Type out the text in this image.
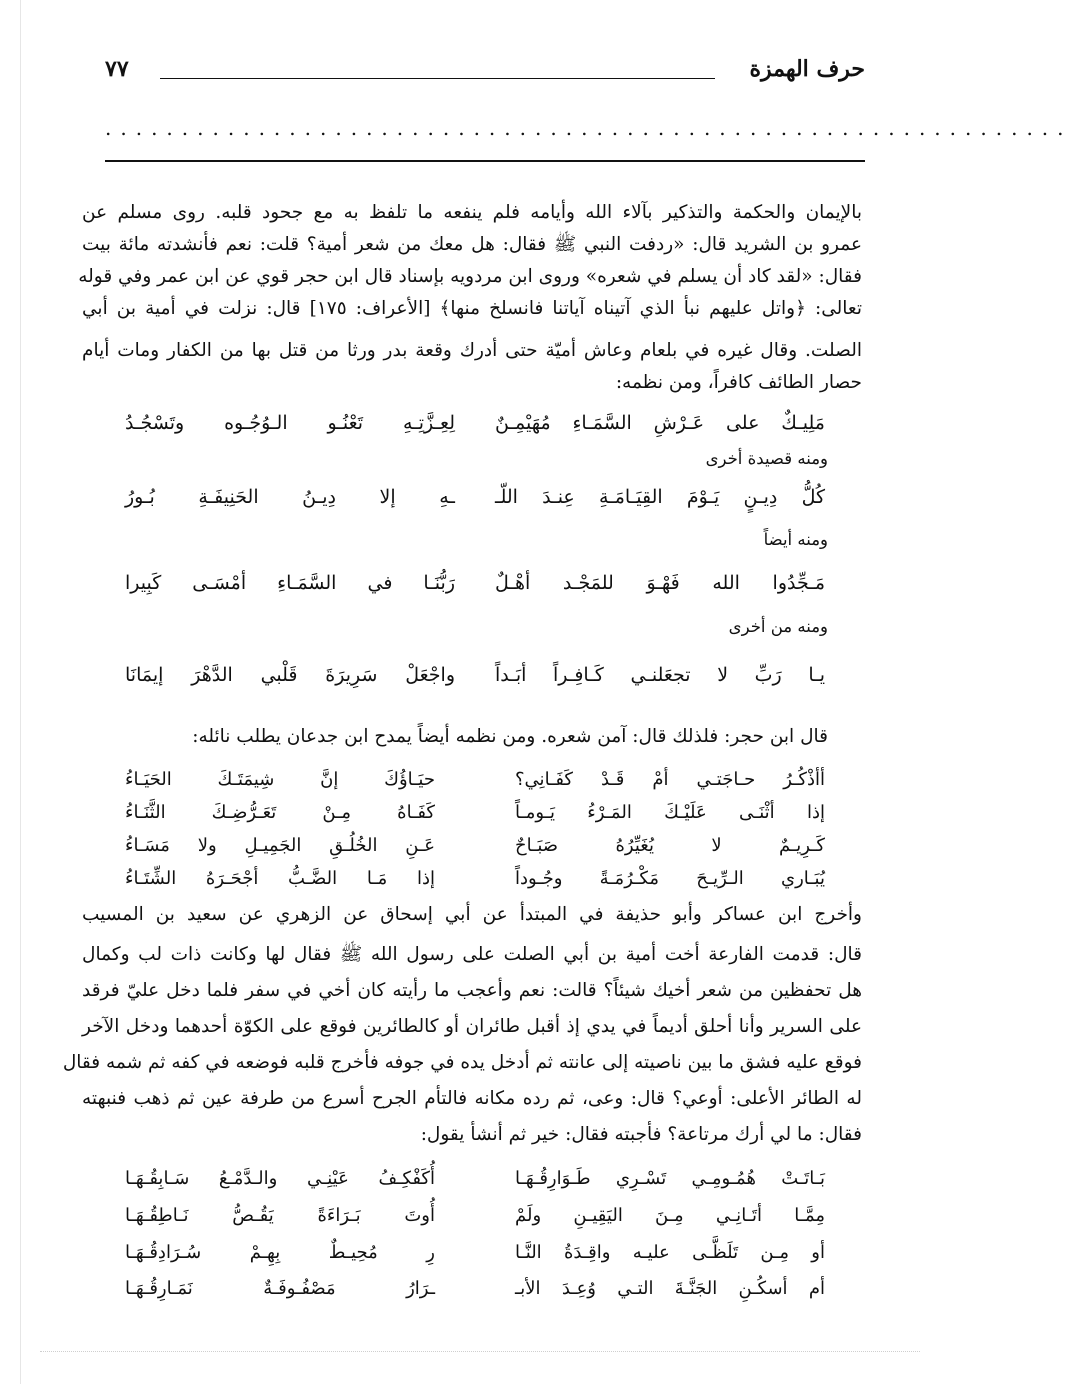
حرف الهمزة
٧٧
...............................................................
بالإيمان والحكمة والتذكير بآلاء الله وأيامه فلم ينفعه ما تلفظ به مع جحود قلبه. روى مسلم عن
عمرو بن الشريد قال: «ردفت النبي ﷺ فقال: هل معك من شعر أمية؟ قلت: نعم فأنشدته مائة بيت
فقال: «لقد كاد أن يسلم في شعره» وروى ابن مردويه بإسناد قال ابن حجر قوي عن ابن عمر وفي قوله
تعالى: ﴿واتل عليهم نبأ الذي آتيناه آياتنا فانسلخ منها﴾ [الأعراف: ١٧٥] قال: نزلت في أمية بن أبي
الصلت. وقال غيره في بلعام وعاش أميّة حتى أدرك وقعة بدر ورثا من قتل بها من الكفار ومات أيام
حصار الطائف كافراً، ومن نظمه:
مَلِيـكٌ على عَـرْشِ السَّمَـاءِ مُهَيْمِـنٌ
لِعِـزَّتِـهِ تَعْنُـو الـوُجُـوه وتَسْجُـدُ
ومنه قصيدة أخرى
كُلُّ دِيـنٍ يَـوْمَ القِيَـامَـةِ عِنـدَ اللّـ
ـهِ إلا دِيـنُ الحَنِيفَـةِ بُـورُ
ومنه أيضاً
مَـجِّدُوا الله فَهْـوَ للمَجْـد أهْـلٌ
رَبُّنَـا في السَّمَـاءِ أمْسَـى كَبِيرا
ومنه من أخرى
يـا رَبِّ لا تجعَلنـي كَـافِـراً أبَـداً
واجْعَلْ سَرِيرَةَ قَلْبي الدَّهْرَ إيمَانَا
قال ابن حجر: فلذلك قال: آمن شعره. ومن نظمه أيضاً يمدح ابن جدعان يطلب نائله:
أأذْكُـرُ حـاجَتـي أمْ قَـدْ كَفَـانِي؟
حيَـاؤُكَ إنَّ شِيمَتَـكَ الحَيَـاءُ
إذا أثْنَـى عَلَيْـكَ المَـرْءُ يَـومـاً
كَفَـاهُ مِـنْ تَعَـرُّضِـكَ الثَّنَـاءُ
كَـرِيـمٌ لا يُغَيِّرُهُ صَبَـاحٌ
عَـنِ الخُلُـقِ الجَمِيـلِ ولا مَسَـاءُ
يُبَـاري الـرِّيـحَ مَكْـرُمَـةً وجُـوداً
إذا مَـا الضَّـبُّ أجْحَـرَهُ الشِّتَـاءُ
وأخرج ابن عساكر وأبو حذيفة في المبتدأ عن أبي إسحاق عن الزهري عن سعيد بن المسيب
قال: قدمت الفارعة أخت أمية بن أبي الصلت على رسول الله ﷺ فقال لها وكانت ذات لب وكمال
هل تحفظين من شعر أخيك شيئاً؟ قالت: نعم وأعجب ما رأيته كان أخي في سفر فلما دخل عليّ فرقد
على السرير وأنا أحلق أديماً في يدي إذ أقبل طائران أو كالطائرين فوقع على الكوّة أحدهما ودخل الآخر
فوقع عليه فشق ما بين ناصيته إلى عانته ثم أدخل يده في جوفه فأخرج قلبه فوضعه في كفه ثم شمه فقال
له الطائر الأعلى: أوعي؟ قال: وعى، ثم رده مكانه فالتأم الجرح أسرع من طرفة عين ثم ذهب فنبهته
فقال: ما لي أرك مرتاعة؟ فأجبته فقال: خير ثم أنشأ يقول:
بَـاتَـتْ هُمُـومِـي تَسْـرِي طَـوَارِقُـهَـا
أُكَفْكِـفُ عَيْنِـي والـدَّمْـعُ سَـابِقُـهَـا
مِمَّـا أتَـانِـي مِـنَ اليَقِيـنِ ولَمْ
أُوتَ بَـرَاءَةً يَقُـصُّ نَـاطِقُـهَـا
أو مِـن تَلَظَّـى عليـه واقِـدَةُ النَّـا
رِ مُحِيـطٌ بِهِـمْ سُـرَادِقُـهَـا
أم أسكُـنِ الجَنَّـةَ التـي وُعِـدَ الأبـ
ـرَارُ مَصْفُـوفَـةٌ نَمَـارِقُـهَـا
